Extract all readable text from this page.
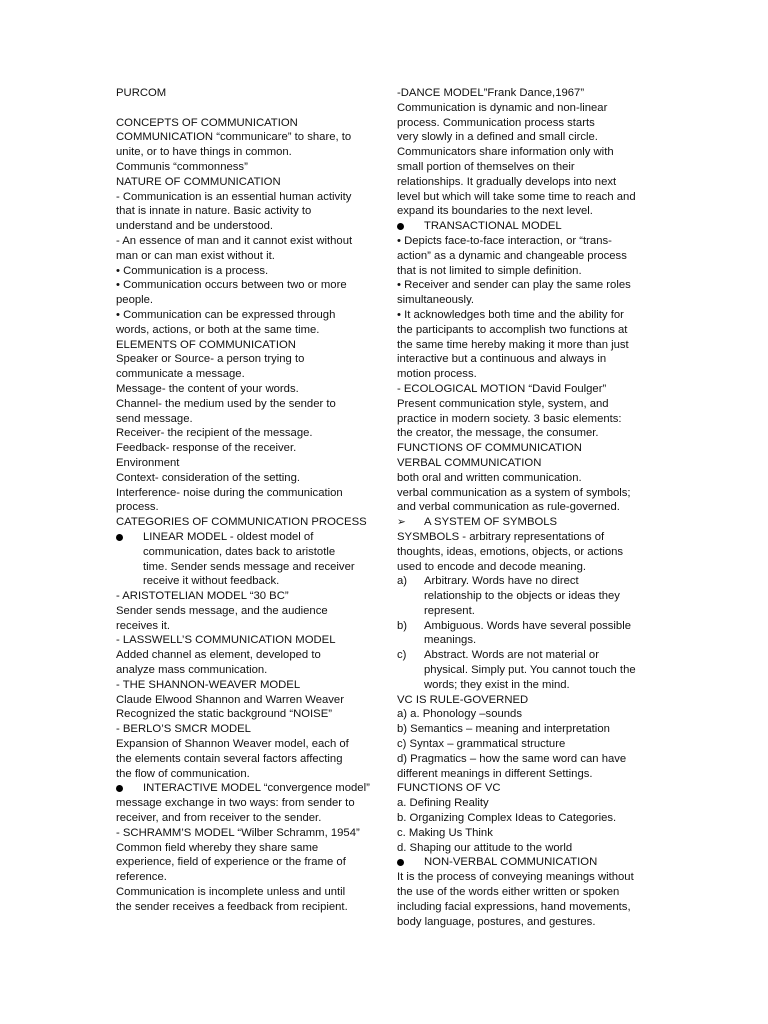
PURCOM
CONCEPTS OF COMMUNICATION
COMMUNICATION “communicare” to share, to
unite, or to have things in common.
Communis “commonness”
NATURE OF COMMUNICATION
- Communication is an essential human activity
that is innate in nature. Basic activity to
understand and be understood.
- An essence of man and it cannot exist without
man or can man exist without it.
• Communication is a process.
• Communication occurs between two or more
people.
• Communication can be expressed through
words, actions, or both at the same time.
ELEMENTS OF COMMUNICATION
Speaker or Source- a person trying to
communicate a message.
Message- the content of your words.
Channel- the medium used by the sender to
send message.
Receiver- the recipient of the message.
Feedback- response of the receiver.
Environment
Context- consideration of the setting.
Interference- noise during the communication
process.
CATEGORIES OF COMMUNICATION PROCESS
LINEAR MODEL - oldest model of
communication, dates back to aristotle
time. Sender sends message and receiver
receive it without feedback.
- ARISTOTELIAN MODEL “30 BC”
Sender sends message, and the audience
receives it.
- LASSWELL’S COMMUNICATION MODEL
Added channel as element, developed to
analyze mass communication.
- THE SHANNON-WEAVER MODEL
Claude Elwood Shannon and Warren Weaver
Recognized the static background “NOISE”
- BERLO’S SMCR MODEL
Expansion of Shannon Weaver model, each of
the elements contain several factors affecting
the flow of communication.
INTERACTIVE MODEL “convergence model”
message exchange in two ways: from sender to
receiver, and from receiver to the sender.
- SCHRAMM’S MODEL “Wilber Schramm, 1954”
Common field whereby they share same
experience, field of experience or the frame of
reference.
Communication is incomplete unless and until
the sender receives a feedback from recipient.
-DANCE MODEL”Frank Dance,1967”
Communication is dynamic and non-linear
process. Communication process starts
very slowly in a defined and small circle.
Communicators share information only with
small portion of themselves on their
relationships. It gradually develops into next
level but which will take some time to reach and
expand its boundaries to the next level.
TRANSACTIONAL MODEL
• Depicts face-to-face interaction, or “trans-
action” as a dynamic and changeable process
that is not limited to simple definition.
• Receiver and sender can play the same roles
simultaneously.
• It acknowledges both time and the ability for
the participants to accomplish two functions at
the same time hereby making it more than just
interactive but a continuous and always in
motion process.
- ECOLOGICAL MOTION “David Foulger”
Present communication style, system, and
practice in modern society. 3 basic elements:
the creator, the message, the consumer.
FUNCTIONS OF COMMUNICATION
VERBAL COMMUNICATION
both oral and written communication.
verbal communication as a system of symbols;
and verbal communication as rule-governed.
➢ A SYSTEM OF SYMBOLS
SYSMBOLS - arbitrary representations of
thoughts, ideas, emotions, objects, or actions
used to encode and decode meaning.
a) Arbitrary. Words have no direct
relationship to the objects or ideas they
represent.
b) Ambiguous. Words have several possible
meanings.
c) Abstract. Words are not material or
physical. Simply put. You cannot touch the
words; they exist in the mind.
VC IS RULE-GOVERNED
a) a. Phonology –sounds
b) Semantics – meaning and interpretation
c) Syntax – grammatical structure
d) Pragmatics – how the same word can have
different meanings in different Settings.
FUNCTIONS OF VC
a. Defining Reality
b. Organizing Complex Ideas to Categories.
c. Making Us Think
d. Shaping our attitude to the world
NON-VERBAL COMMUNICATION
It is the process of conveying meanings without
the use of the words either written or spoken
including facial expressions, hand movements,
body language, postures, and gestures.
